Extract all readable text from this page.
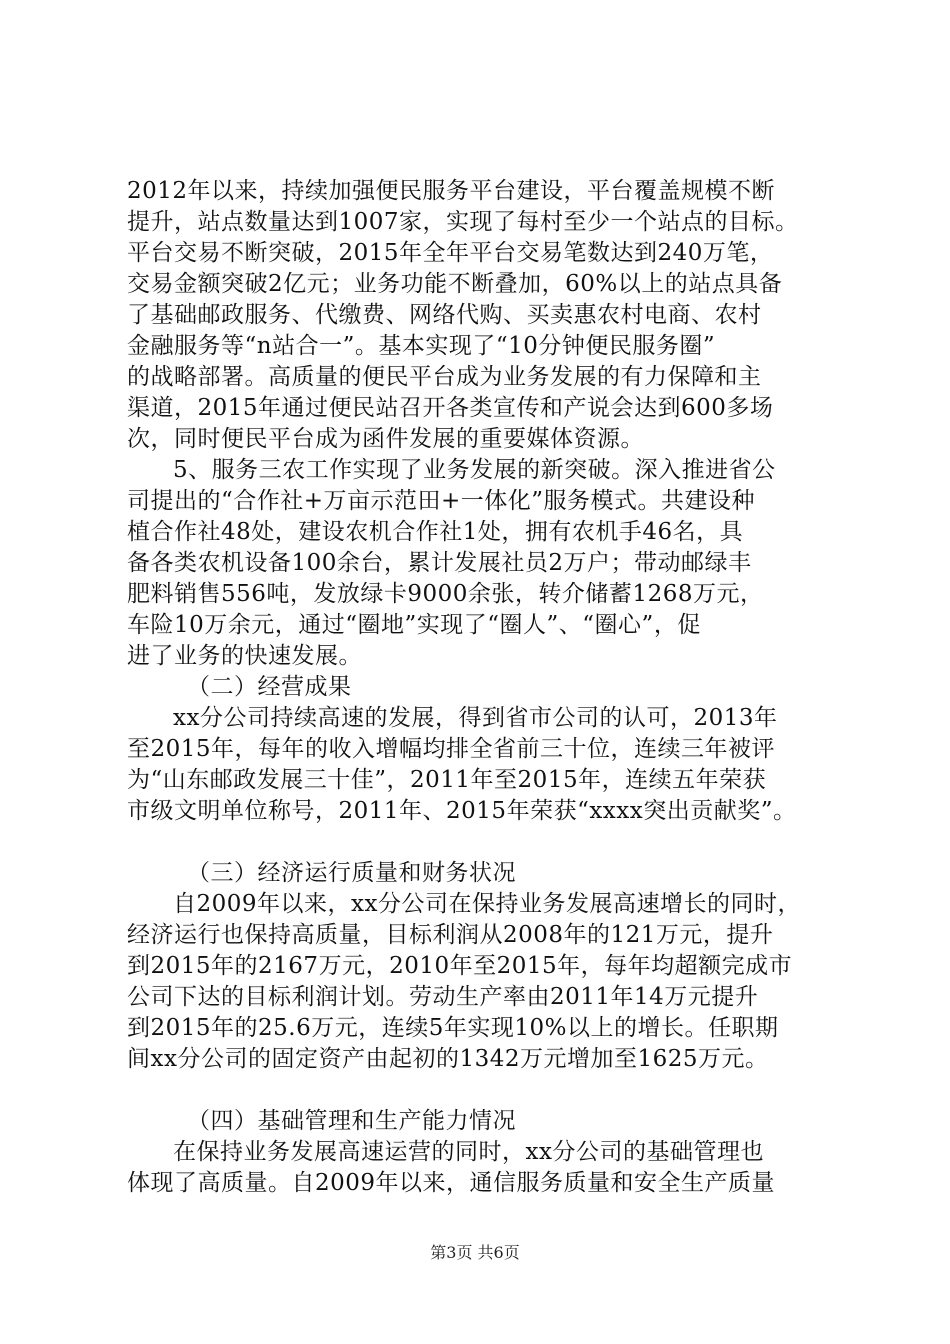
2012年以来，持续加强便民服务平台建设，平台覆盖规模不断
提升，站点数量达到1007家，实现了每村至少一个站点的目标。
平台交易不断突破，2015年全年平台交易笔数达到240万笔，
交易金额突破2亿元；业务功能不断叠加，60%以上的站点具备
了基础邮政服务、代缴费、网络代购、买卖惠农村电商、农村
金融服务等“n站合一”。基本实现了“10分钟便民服务圈”
的战略部署。高质量的便民平台成为业务发展的有力保障和主
渠道，2015年通过便民站召开各类宣传和产说会达到600多场
次，同时便民平台成为函件发展的重要媒体资源。
5、服务三农工作实现了业务发展的新突破。深入推进省公
司提出的“合作社+万亩示范田+一体化”服务模式。共建设种
植合作社48处，建设农机合作社1处，拥有农机手46名，具
备各类农机设备100余台，累计发展社员2万户；带动邮绿丰
肥料销售556吨，发放绿卡9000余张，转介储蓄1268万元，
车险10万余元，通过“圈地”实现了“圈人”、“圈心”，促
进了业务的快速发展。
（二）经营成果
xx分公司持续高速的发展，得到省市公司的认可，2013年
至2015年，每年的收入增幅均排全省前三十位，连续三年被评
为“山东邮政发展三十佳”，2011年至2015年，连续五年荣获
市级文明单位称号，2011年、2015年荣获“xxxx突出贡献奖”。
（三）经济运行质量和财务状况
自2009年以来，xx分公司在保持业务发展高速增长的同时，
经济运行也保持高质量，目标利润从2008年的121万元，提升
到2015年的2167万元，2010年至2015年，每年均超额完成市
公司下达的目标利润计划。劳动生产率由2011年14万元提升
到2015年的25.6万元，连续5年实现10%以上的增长。任职期
间xx分公司的固定资产由起初的1342万元增加至1625万元。
（四）基础管理和生产能力情况
在保持业务发展高速运营的同时，xx分公司的基础管理也
体现了高质量。自2009年以来，通信服务质量和安全生产质量
第3页 共6页
